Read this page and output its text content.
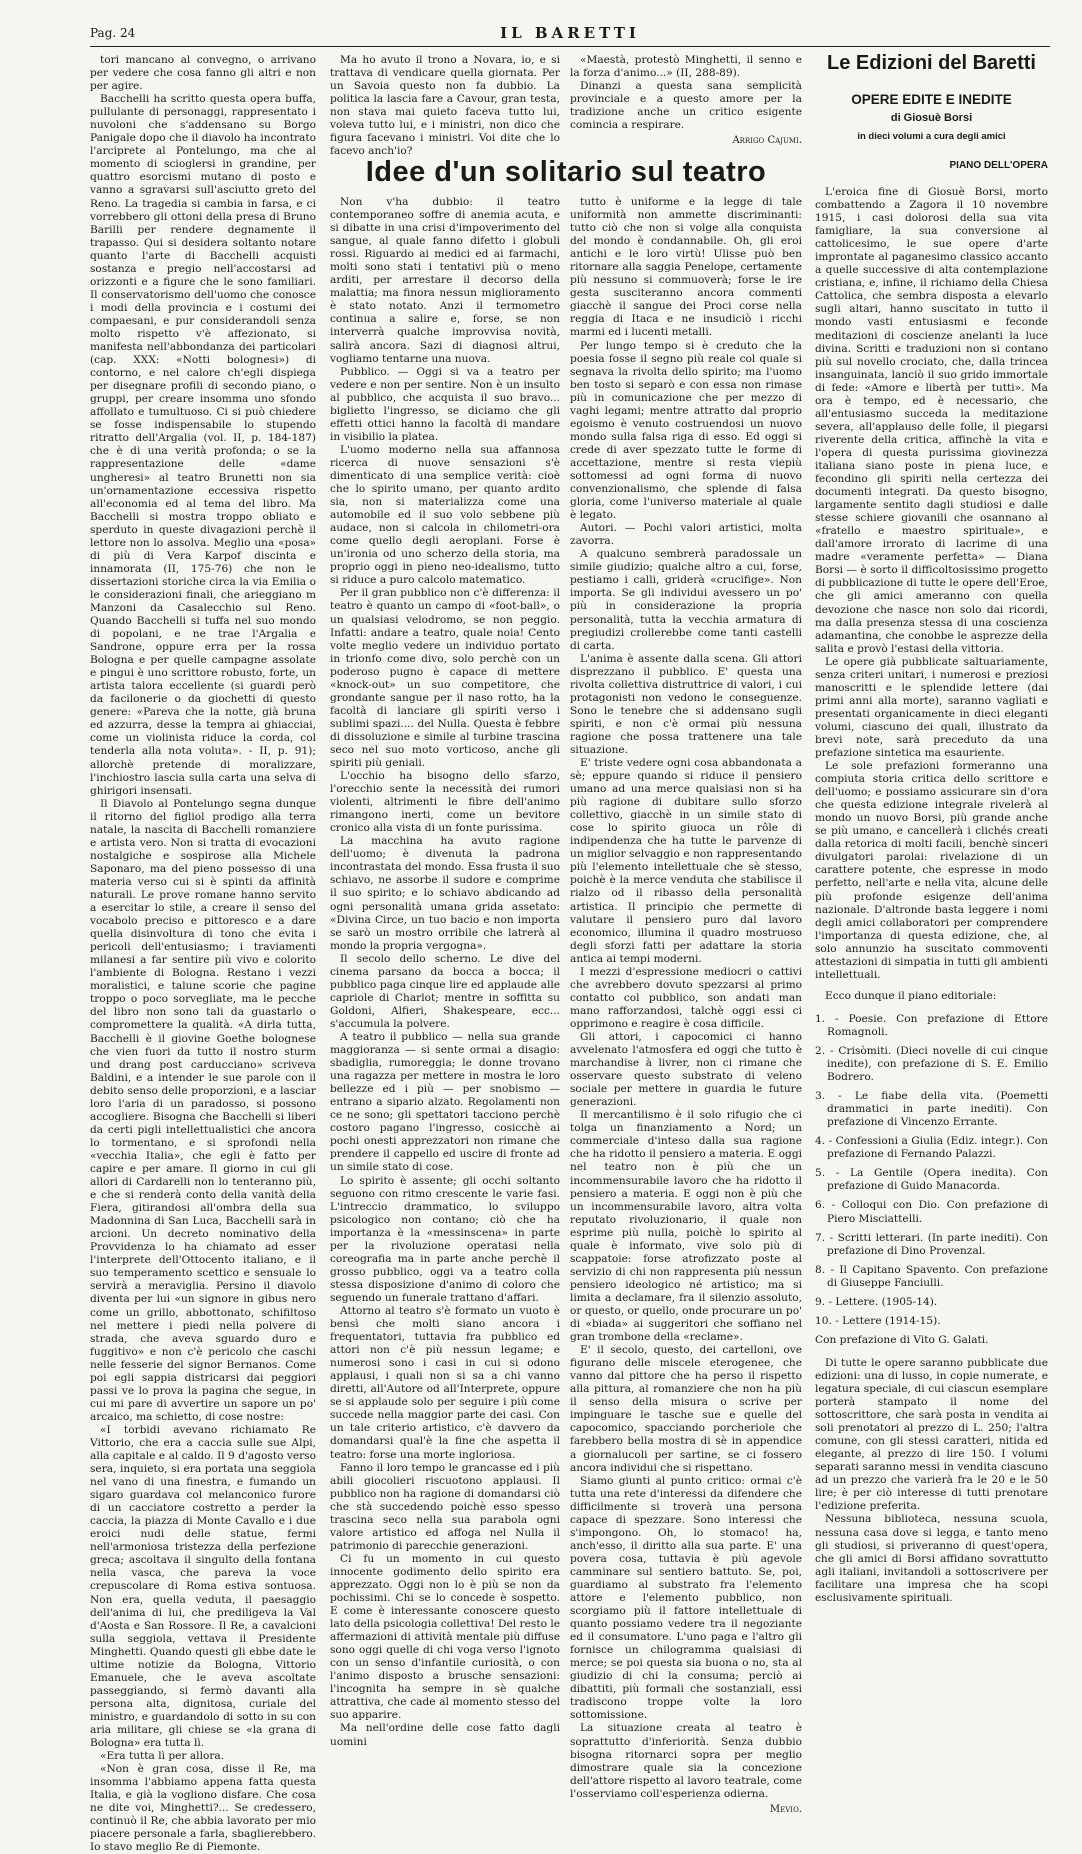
Pag. 24	IL BARETTI

tori mancano al convegno, o arrivano per vedere che cosa fanno gli altri e non per agire.

Bacchelli ha scritto questa opera buffa, pullulante di personaggi, rappresentato i nuvoloni che s'addensano su Borgo Panigale dopo che il diavolo ha incontrato l'arciprete al Pontelungo, ma che al momento di scioglersi in grandine, per quattro esorcismi mutano di posto e vanno a sgravarsi sull'asciutto greto del Reno. La tragedia si cambia in farsa, e ci vorrebbero gli ottoni della presa di Bruno Barilli per rendere degnamente il trapasso. Qui si desidera soltanto notare quanto l'arte di Bacchelli acquisti sostanza e pregio nell'accostarsi ad orizzonti e a figure che le sono familiari. Il conservatorismo dell'uomo che conosce i modi della provincia e i costumi dei compaesani, e pur considerandoli senza molto rispetto v'è affezionato, si manifesta nell'abbondanza dei particolari (cap. XXX: «Notti bolognesi») di contorno, e nel calore ch'egli dispiega per disegnare profili di secondo piano, o gruppi, per creare insomma uno sfondo affollato e tumultuoso. Ci si può chiedere se fosse indispensabile lo stupendo ritratto dell'Argalia (vol. II, p. 184-187) che è di una verità profonda; o se la rappresentazione delle «dame ungheresi» al teatro Brunetti non sia un'ornamentazione eccessiva rispetto all'economia ed al tema del libro. Ma Bacchelli si mostra troppo obliato e sperduto in queste divagazioni perchè il lettore non lo assolva. Meglio una «posa» di più di Vera Karpof discinta e innamorata (II, 175-76) che non le dissertazioni storiche circa la via Emilia o le considerazioni finali, che arieggiano m Manzoni da Casalecchio sul Reno. Quando Bacchelli si tuffa nel suo mondo di popolani, e ne trae l'Argalia e Sandrone, oppure erra per la rossa Bologna e per quelle campagne assolate e pingui è uno scrittore robusto, forte, un artista talora eccellente (si guardi però da facilonerie o da giochetti di questo genere: «Pareva che la notte, già bruna ed azzurra, desse la tempra ai ghiacciai, come un violinista riduce la corda, col tenderla alla nota voluta». - II, p. 91); allorchè pretende di moralizzare, l'inchiostro lascia sulla carta una selva di ghirigori insensati.

Il Diavolo al Pontelungo segna dunque il ritorno del figliol prodigo alla terra natale, la nascita di Bacchelli romanziere e artista vero. Non si tratta di evocazioni nostalgiche e sospirose alla Michele Saponaro, ma del pieno possesso di una materia verso cui si è spinti da affinità naturali. Le prove romane hanno servito a esercitar lo stile, a creare il senso del vocabolo preciso e pittoresco e a dare quella disinvoltura di tono che evita i pericoli dell'entusiasmo; i traviamenti milanesi a far sentire più vivo e colorito l'ambiente di Bologna. Restano i vezzi moralistici, e talune scorie che pagine troppo o poco sorvegliate, ma le pecche del libro non sono tali da guastarlo o compromettere la qualità. «A dirla tutta, Bacchelli è il giovine Goethe bolognese che vien fuori da tutto il nostro sturm und drang post carducciano» scriveva Baldini, e a intender le sue parole con il debito senso delle proporzioni, e a lasciar loro l'aria di un paradosso, si possono accogliere. Bisogna che Bacchelli si liberi da certi pigli intellettualistici che ancora lo tormentano, e si sprofondi nella «vecchia Italia», che egli è fatto per capire e per amare. Il giorno in cui gli allori di Cardarelli non lo tenteranno più, e che si renderà conto della vanità della Fiera, gitirandosi all'ombra della sua Madonnina di San Luca, Bacchelli sarà in arcioni. Un decreto nominativo della Provvidenza lo ha chiamato ad esser l'interprete dell'Ottocento italiano, e il suo temperamento scettico e sensuale lo servirà a meraviglia. Persino il diavolo diventa per lui «un signore in gibus nero come un grillo, abbottonato, schifiltoso nel mettere i piedi nella polvere di strada, che aveva sguardo duro e fuggitivo» e non c'è pericolo che caschi nelle fesserie del signor Bernanos. Come poi egli sappia districarsi dai peggiori passi ve lo prova la pagina che segue, in cui mi pare di avvertire un sapore un po' arcaico, ma schietto, di cose nostre:

«I torbidi avevano richiamato Re Vittorio, che era a caccia sulle sue Alpi, alla capitale e al caldo. Il 9 d'agosto verso sera, inquieto, si era portata una seggiola nel vano di una finestra, e fumando un sigaro guardava col melanconico furore di un cacciatore costretto a perder la caccia, la piazza di Monte Cavallo e i due eroici nudi delle statue, fermi nell'armoniosa tristezza della perfezione greca; ascoltava il singulto della fontana nella vasca, che pareva la voce crepuscolare di Roma estiva sontuosa. Non era, quella veduta, il paesaggio dell'anima di lui, che prediligeva la Val d'Aosta e San Rossore. Il Re, a cavalcioni sulla seggiola, vettava il Presidente Minghetti. Quando questi gli ebbe date le ultime notizie da Bologna, Vittorio Emanuele, che le aveva ascoltate passeggiando, si fermò davanti alla persona alta, dignitosa, curiale del ministro, e guardandolo di sotto in su con aria militare, gli chiese se «la grana di Bologna» era tutta lì.

«Era tutta lì per allora.

«Non è gran cosa, disse il Re, ma insomma l'abbiamo appena fatta questa Italia, e già la vogliono disfare. Che cosa ne dite voi, Minghetti?... Se credessero, continuò il Re, che abbia lavorato per mio piacere personale a farla, sbaglierebbero. Io stavo meglio Re di Piemonte.

Ma ho avuto il trono a Novara, io, e si trattava di vendicare quella giornata. Per un Savoia questo non fa dubbio. La politica la lascia fare a Cavour, gran testa, non stava mai quieto faceva tutto lui, voleva tutto lui, e i ministri, non dico che figura facevano i ministri. Voi dite che lo facevo anch'io?

«Maestà, protestò Minghetti, il senno e la forza d'animo...» (II, 288-89).

Dinanzi a questa sana semplicità provinciale e a questo amore per la tradizione anche un critico esigente comincia a respirare.

Arrigo Cajumi.
Idee d'un solitario sul teatro

Non v'ha dubbio: il teatro contemporaneo soffre di anemia acuta, e si dibatte in una crisi d'impoverimento del sangue, al quale fanno difetto i globuli rossi. Riguardo ai medici ed ai farmachi, molti sono stati i tentativi più o meno arditi, per arrestare il decorso della malattia; ma finora nessun miglioramento è stato notato. Anzi il termometro continua a salire e, forse, se non interverrà qualche improvvisa novità, salirà ancora. Sazi di diagnosi altrui, vogliamo tentarne una nuova.

Pubblico. — Oggi si va a teatro per vedere e non per sentire. Non è un insulto al pubblico, che acquista il suo bravo... biglietto l'ingresso, se diciamo che gli effetti ottici hanno la facoltà di mandare in visibilio la platea.

L'uomo moderno nella sua affannosa ricerca di nuove sensazioni s'è dimenticato di una semplice verità: cioè che lo spirito umano, per quanto ardito sia, non si materializza come una automobile ed il suo volo sebbene più audace, non si calcola in chilometri-ora come quello degli aeroplani. Forse è un'ironia od uno scherzo della storia, ma proprio oggi in pieno neo-idealismo, tutto si riduce a puro calcolo matematico.

Per il gran pubblico non c'è differenza: il teatro è quanto un campo di «foot-ball», o un qualsiasi velodromo, se non peggio. Infatti: andare a teatro, quale noia! Cento volte meglio vedere un individuo portato in trionfo come divo, solo perchè con un poderoso pugno è capace di mettere «knock-out» un suo competitore, che grondante sangue per il naso rotto, ha la facoltà di lanciare gli spiriti verso i sublimi spazi.... del Nulla. Questa è febbre di dissoluzione e simile al turbine trascina seco nel suo moto vorticoso, anche gli spiriti più geniali.

L'occhio ha bisogno dello sfarzo, l'orecchio sente la necessità dei rumori violenti, altrimenti le fibre dell'animo rimangono inerti, come un bevitore cronico alla vista di un fonte purissima.

La macchina ha avuto ragione dell'uomo; è divenuta la padrona incontrastata del mondo. Essa frusta il suo schiavo, ne assorbe il sudore e comprime il suo spirito; e lo schiavo abdicando ad ogni personalità umana grida assetato: «Divina Circe, un tuo bacio e non importa se sarò un mostro orribile che latrerà al mondo la propria vergogna».

Il secolo dello scherno. Le dive del cinema parsano da bocca a bocca; il pubblico paga cinque lire ed applaude alle capriole di Charlot; mentre in soffitta su Goldoni, Alfieri, Shakespeare, ecc... s'accumula la polvere.

A teatro il pubblico — nella sua grande maggioranza — si sente ormai a disagio: sbadiglia, rumoreggia; le donne trovano una ragazza per mettere in mostra le loro bellezze ed i più — per snobismo — entrano a sipario alzato. Regolamenti non ce ne sono; gli spettatori tacciono perchè costoro pagano l'ingresso, cosicchè ai pochi onesti apprezzatori non rimane che prendere il cappello ed uscire di fronte ad un simile stato di cose.

Lo spirito è assente; gli occhi soltanto seguono con ritmo crescente le varie fasi. L'intreccio drammatico, lo sviluppo psicologico non contano; ciò che ha importanza è la «messinscena» in parte per la rivoluzione operatasi nella coreografia ma in parte anche perchè il grosso pubblico, oggi va a teatro colla stessa disposizione d'animo di coloro che seguendo un funerale trattano d'affari.

Attorno al teatro s'è formato un vuoto è bensì che molti siano ancora i frequentatori, tuttavia fra pubblico ed attori non c'è più nessun legame; e numerosi sono i casi in cui si odono applausi, i quali non si sa a chi vanno diretti, all'Autore od all'Interprete, oppure se si applaude solo per seguire i più come succede nella maggior parte dei casi. Con un tale criterio artistico, c'è davvero da domandarsi qual'è la fine che aspetta il teatro: forse una morte ingloriosa.

Fanno il loro tempo le grancasse ed i più abili giocolieri riscuotono applausi. Il pubblico non ha ragione di domandarsi ciò che stà succedendo poichè esso spesso trascina seco nella sua parabola ogni valore artistico ed affoga nel Nulla il patrimonio di parecchie generazioni.

Ci fu un momento in cui questo innocente godimento dello spirito era apprezzato. Oggi non lo è più se non da pochissimi. Chi se lo concede è sospetto. E come è interessante conoscere questo lato della psicologia collettiva! Del resto le affermazioni di attività mentale più diffuse sono oggi quelle di chi voga verso l'ignoto con un senso d'infantile curiosità, o con l'animo disposto a brusche sensazioni: l'incognita ha sempre in sè qualche attrattiva, che cade al momento stesso del suo apparire.

Ma nell'ordine delle cose fatto dagli uomini

tutto è uniforme e la legge di tale uniformità non ammette discriminanti: tutto ciò che non si volge alla conquista del mondo è condannabile. Oh, gli eroi antichi e le loro virtù! Ulisse può ben ritornare alla saggia Penelope, certamente più nessuno si commuoverà; forse le ire gesta susciteranno ancora commenti giacchè il sangue dei Proci corse nella reggia di Itaca e ne insudiciò i ricchi marmi ed i lucenti metalli.

Per lungo tempo si è creduto che la poesia fosse il segno più reale col quale si segnava la rivolta dello spirito; ma l'uomo ben tosto si separò e con essa non rimase più in comunicazione che per mezzo di vaghi legami; mentre attratto dal proprio egoismo è venuto costruendosi un nuovo mondo sulla falsa riga di esso. Ed oggi si crede di aver spezzato tutte le forme di accettazione, mentre si resta viepiù sottomessi ad ogni forma di nuovo convenzionalismo, che splende di falsa gloria, come l'universo materiale al quale è legato.

Autori. — Pochi valori artistici, molta zavorra.

A qualcuno sembrerà paradossale un simile giudizio; qualche altro a cui, forse, pestiamo i calli, griderà «crucifige». Non importa. Se gli individui avessero un po' più in considerazione la propria personalità, tutta la vecchia armatura di pregiudizi crollerebbe come tanti castelli di carta.

L'anima è assente dalla scena. Gli attori disprezzano il pubblico. E' questa una rivolta collettiva distruttrice di valori, i cui protagonisti non vedono le conseguenze. Sono le tenebre che si addensano sugli spiriti, e non c'è ormai più nessuna ragione che possa trattenere una tale situazione.

E' triste vedere ogni cosa abbandonata a sè; eppure quando si riduce il pensiero umano ad una merce qualsiasi non si ha più ragione di dubitare sullo sforzo collettivo, giacchè in un simile stato di cose lo spirito giuoca un rôle di indipendenza che ha tutte le parvenze di un miglior selvaggio e non rappresentando più l'elemento intellettuale che sè stesso, poichè è la merce venduta che stabilisce il rialzo od il ribasso della personalità artistica. Il principio che permette di valutare il pensiero puro dal lavoro economico, illumina il quadro mostruoso degli sforzi fatti per adattare la storia antica ai tempi moderni.

I mezzi d'espressione mediocri o cattivi che avrebbero dovuto spezzarsi al primo contatto col pubblico, son andati man mano rafforzandosi, talchè oggi essi ci opprimono e reagire è cosa difficile.

Gli attori, i capocomici ci hanno avvelenato l'atmosfera ed oggi che tutto è marchandise à livrer, non ci rimane che osservare questo substrato di veleno sociale per mettere in guardia le future generazioni.

Il mercantilismo è il solo rifugio che ci tolga un finanziamento a Nord; un commerciale d'inteso dalla sua ragione che ha ridotto il pensiero a materia. E oggi nel teatro non è più che un incommensurabile lavoro che ha ridotto il pensiero a materia. E oggi non è più che un incommensurabile lavoro, altra volta reputato rivoluzionario, il quale non esprime più nulla, poichè lo spirito al quale è informato, vive solo più di scappatoie: forse atrofizzato poste al servizio di chi non rappresenta più nessun pensiero ideologico né artistico; ma si limita a declamare, fra il silenzio assoluto, or questo, or quello, onde procurare un po' di «biada» ai suggeritori che soffiano nel gran trombone della «reclame».

E' il secolo, questo, dei cartelloni, ove figurano delle miscele eterogenee, che vanno dal pittore che ha perso il rispetto alla pittura, al romanziere che non ha più il senso della misura o scrive per impinguare le tasche sue e quelle del capocomico, spacciando porcheriole che farebbero bella mostra di sè in appendice a giornalucoli per sartine, se ci fossero ancora individui che si rispettano.

Siamo giunti al punto critico: ormai c'è tutta una rete d'interessi da difendere che difficilmente si troverà una persona capace di spezzare. Sono interessi che s'impongono. Oh, lo stomaco! ha, anch'esso, il diritto alla sua parte. E' una povera cosa, tuttavia è più agevole camminare sul sentiero battuto. Se, poi, guardiamo al substrato fra l'elemento attore e l'elemento pubblico, non scorgiamo più il fattore intellettuale di quanto possiamo vedere tra il negoziante ed il consumatore. L'uno paga e l'altro gli fornisce un chilogramma qualsiasi di merce; se poi questa sia buona o no, sta al giudizio di chi la consuma; perciò ai dibattiti, più formali che sostanziali, essi tradiscono troppe volte la loro sottomissione.

La situazione creata al teatro è soprattutto d'inferiorità. Senza dubbio bisogna ritornarci sopra per meglio dimostrare quale sia la concezione dell'attore rispetto al lavoro teatrale, come l'osserviamo coll'esperienza odierna.

Mevio.
Le Edizioni del Baretti
OPERE EDITE E INEDITE
di Giosuè Borsi
in dieci volumi a cura degli amici
PIANO DELL'OPERA

L'eroica fine di Giosuè Borsi, morto combattendo a Zagora il 10 novembre 1915, i casi dolorosi della sua vita famigliare, la sua conversione al cattolicesimo, le sue opere d'arte improntate al paganesimo classico accanto a quelle successive di alta contemplazione cristiana, e, infine, il richiamo della Chiesa Cattolica, che sembra disposta a elevarlo sugli altari, hanno suscitato in tutto il mondo vasti entusiasmi e feconde meditazioni di coscienze anelanti la luce divina. Scritti e traduzioni non si contano più sul novello crociato, che, dalla trincea insanguinata, lanciò il suo grido immortale di fede: «Amore e libertà per tutti». Ma ora è tempo, ed è necessario, che all'entusiasmo succeda la meditazione severa, all'applauso delle folle, il piegarsi riverente della critica, affinchè la vita e l'opera di questa purissima giovinezza italiana siano poste in piena luce, e fecondino gli spiriti nella certezza dei documenti integrati. Da questo bisogno, largamente sentito dagli studiosi e dalle stesse schiere giovanili che osannano al «fratello e maestro spirituale», e dall'amore irrorato di lacrime di una madre «veramente perfetta» — Diana Borsi — è sorto il difficoltosissimo progetto di pubblicazione di tutte le opere dell'Eroe, che gli amici ameranno con quella devozione che nasce non solo dai ricordi, ma dalla presenza stessa di una coscienza adamantina, che conobbe le asprezze della salita e provò l'estasi della vittoria.

Le opere già pubblicate saltuariamente, senza criteri unitari, i numerosi e preziosi manoscritti e le splendide lettere (dai primi anni alla morte), saranno vagliati e presentati organicamente in dieci eleganti volumi, ciascuno dei quali, illustrato da brevi note, sarà preceduto da una prefazione sintetica ma esauriente.

Le sole prefazioni formeranno una compiuta storia critica dello scrittore e dell'uomo; e possiamo assicurare sin d'ora che questa edizione integrale rivelerà al mondo un nuovo Borsi, più grande anche se più umano, e cancellerà i clichés creati dalla retorica di molti facili, benchè sinceri divulgatori parolai: rivelazione di un carattere potente, che espresse in modo perfetto, nell'arte e nella vita, alcune delle più profonde esigenze dell'anima nazionale. D'altronde basta leggere i nomi degli amici collaboratori per comprendere l'importanza di questa edizione, che, al solo annunzio ha suscitato commoventi attestazioni di simpatia in tutti gli ambienti intellettuali.

Ecco dunque il piano editoriale:

1. - Poesie. Con prefazione di Ettore Romagnoli.
2. - Crisòmiti. (Dieci novelle di cui cinque inedite), con prefazione di S. E. Emilio Bodrero.
3. - Le fiabe della vita. (Poemetti drammatici in parte inediti). Con prefazione di Vincenzo Errante.
4. - Confessioni a Giulia (Ediz. integr.). Con prefazione di Fernando Palazzi.
5. - La Gentile (Opera inedita). Con prefazione di Guido Manacorda.
6. - Colloqui con Dio. Con prefazione di Piero Misciattelli.
7. - Scritti letterari. (In parte inediti). Con prefazione di Dino Provenzal.
8. - Il Capitano Spavento. Con prefazione di Giuseppe Fanciulli.
9. - Lettere. (1905-14).
10. - Lettere (1914-15).
Con prefazione di Vito G. Galati.

Di tutte le opere saranno pubblicate due edizioni: una di lusso, in copie numerate, e legatura speciale, di cui ciascun esemplare porterà stampato il nome del sottoscrittore, che sarà posta in vendita ai soli prenotatori al prezzo di L. 250; l'altra comune, con gli stessi caratteri, nitida ed elegante, al prezzo di lire 150. I volumi separati saranno messi in vendita ciascuno ad un prezzo che varierà fra le 20 e le 50 lire; è per ciò interesse di tutti prenotare l'edizione preferita.

Nessuna biblioteca, nessuna scuola, nessuna casa dove si legga, e tanto meno gli studiosi, si priveranno di quest'opera, che gli amici di Borsi affidano sovrattutto agli italiani, invitandoli a sottoscrivere per facilitare una impresa che ha scopi esclusivamente spirituali.
